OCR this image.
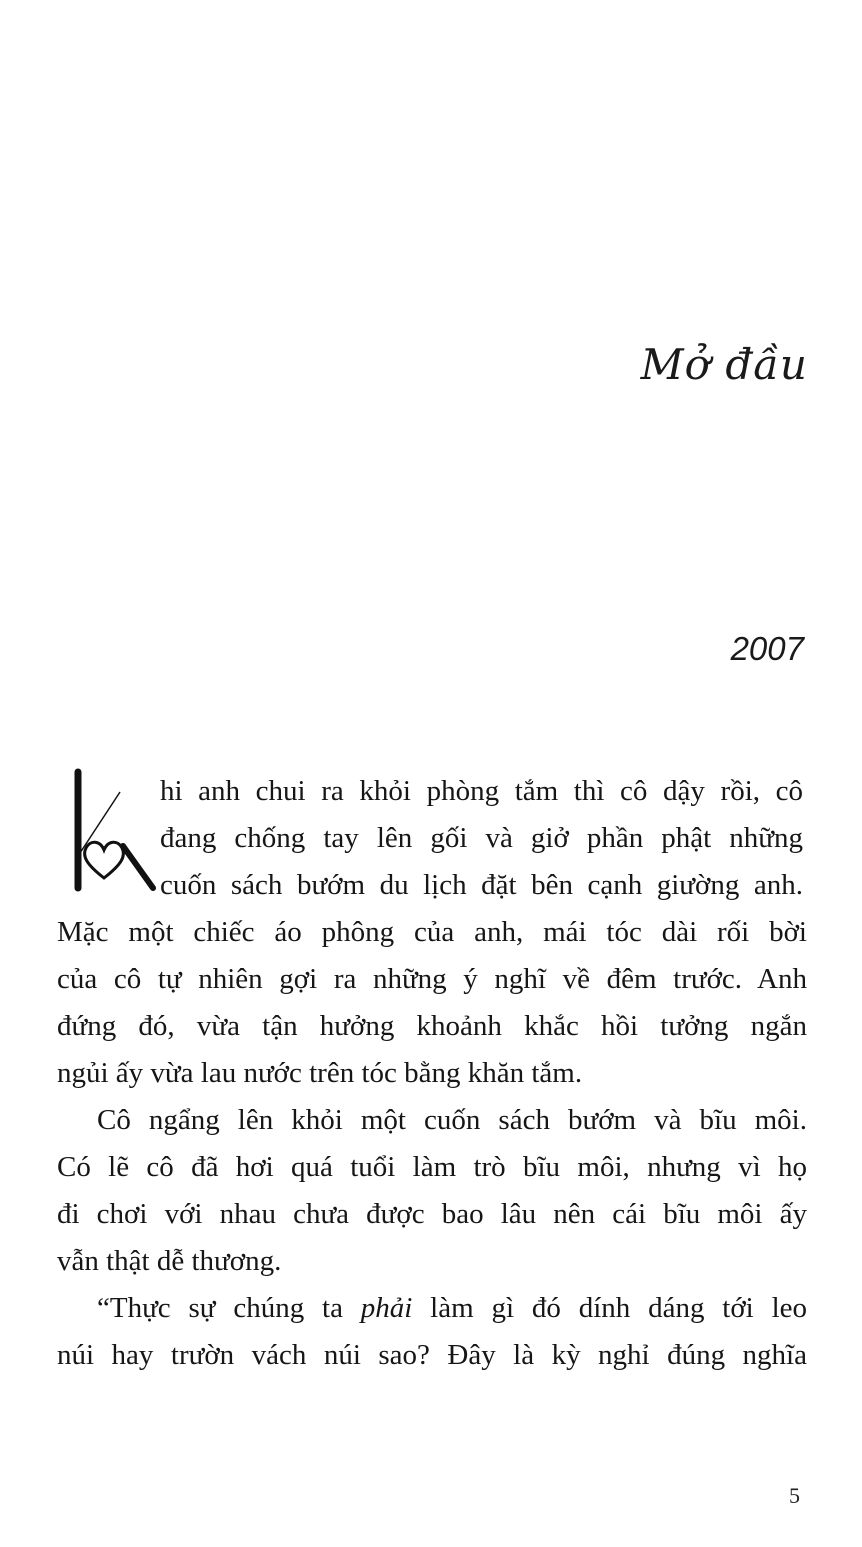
Mở đầu
2007
hi anh chui ra khỏi phòng tắm thì cô dậy rồi, cô
đang chống tay lên gối và giở phần phật những
cuốn sách bướm du lịch đặt bên cạnh giường anh.
Mặc một chiếc áo phông của anh, mái tóc dài rối bời
của cô tự nhiên gợi ra những ý nghĩ về đêm trước. Anh
đứng đó, vừa tận hưởng khoảnh khắc hồi tưởng ngắn
ngủi ấy vừa lau nước trên tóc bằng khăn tắm.
Cô ngẩng lên khỏi một cuốn sách bướm và bĩu môi.
Có lẽ cô đã hơi quá tuổi làm trò bĩu môi, nhưng vì họ
đi chơi với nhau chưa được bao lâu nên cái bĩu môi ấy
vẫn thật dễ thương.
“Thực sự chúng ta phải làm gì đó dính dáng tới leo
núi hay trườn vách núi sao? Đây là kỳ nghỉ đúng nghĩa
5
